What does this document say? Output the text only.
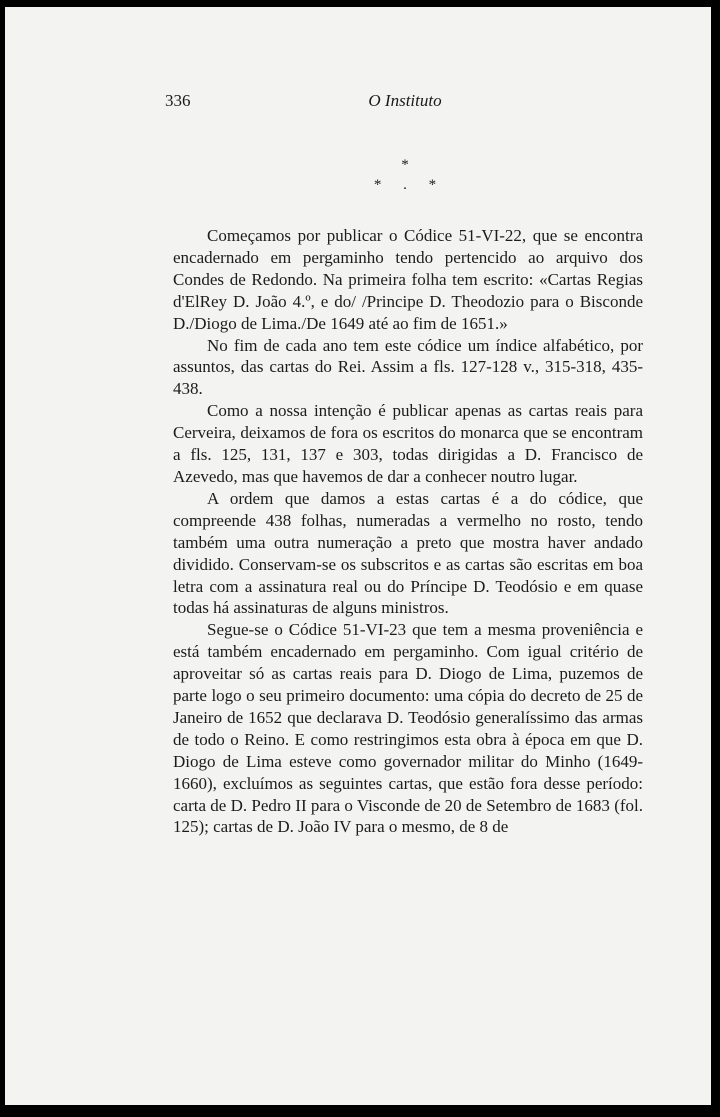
336	O Instituto
*
* . *

Começamos por publicar o Códice 51-VI-22, que se encontra encadernado em pergaminho tendo pertencido ao arquivo dos Condes de Redondo. Na primeira folha tem escrito: «Cartas Regias d'ElRey D. João 4.º, e do/ /Principe D. Theodozio para o Bisconde D./Diogo de Lima./De 1649 até ao fim de 1651.»

No fim de cada ano tem este códice um índice alfabético, por assuntos, das cartas do Rei. Assim a fls. 127-128 v., 315-318, 435-438.

Como a nossa intenção é publicar apenas as cartas reais para Cerveira, deixamos de fora os escritos do monarca que se encontram a fls. 125, 131, 137 e 303, todas dirigidas a D. Francisco de Azevedo, mas que havemos de dar a conhecer noutro lugar.

A ordem que damos a estas cartas é a do códice, que compreende 438 folhas, numeradas a vermelho no rosto, tendo também uma outra numeração a preto que mostra haver andado dividido. Conservam-se os subscritos e as cartas são escritas em boa letra com a assinatura real ou do Príncipe D. Teodósio e em quase todas há assinaturas de alguns ministros.

Segue-se o Códice 51-VI-23 que tem a mesma proveniência e está também encadernado em pergaminho. Com igual critério de aproveitar só as cartas reais para D. Diogo de Lima, puzemos de parte logo o seu primeiro documento: uma cópia do decreto de 25 de Janeiro de 1652 que declarava D. Teodósio generalíssimo das armas de todo o Reino. E como restringimos esta obra à época em que D. Diogo de Lima esteve como governador militar do Minho (1649-1660), excluímos as seguintes cartas, que estão fora desse período: carta de D. Pedro II para o Visconde de 20 de Setembro de 1683 (fol. 125); cartas de D. João IV para o mesmo, de 8 de
